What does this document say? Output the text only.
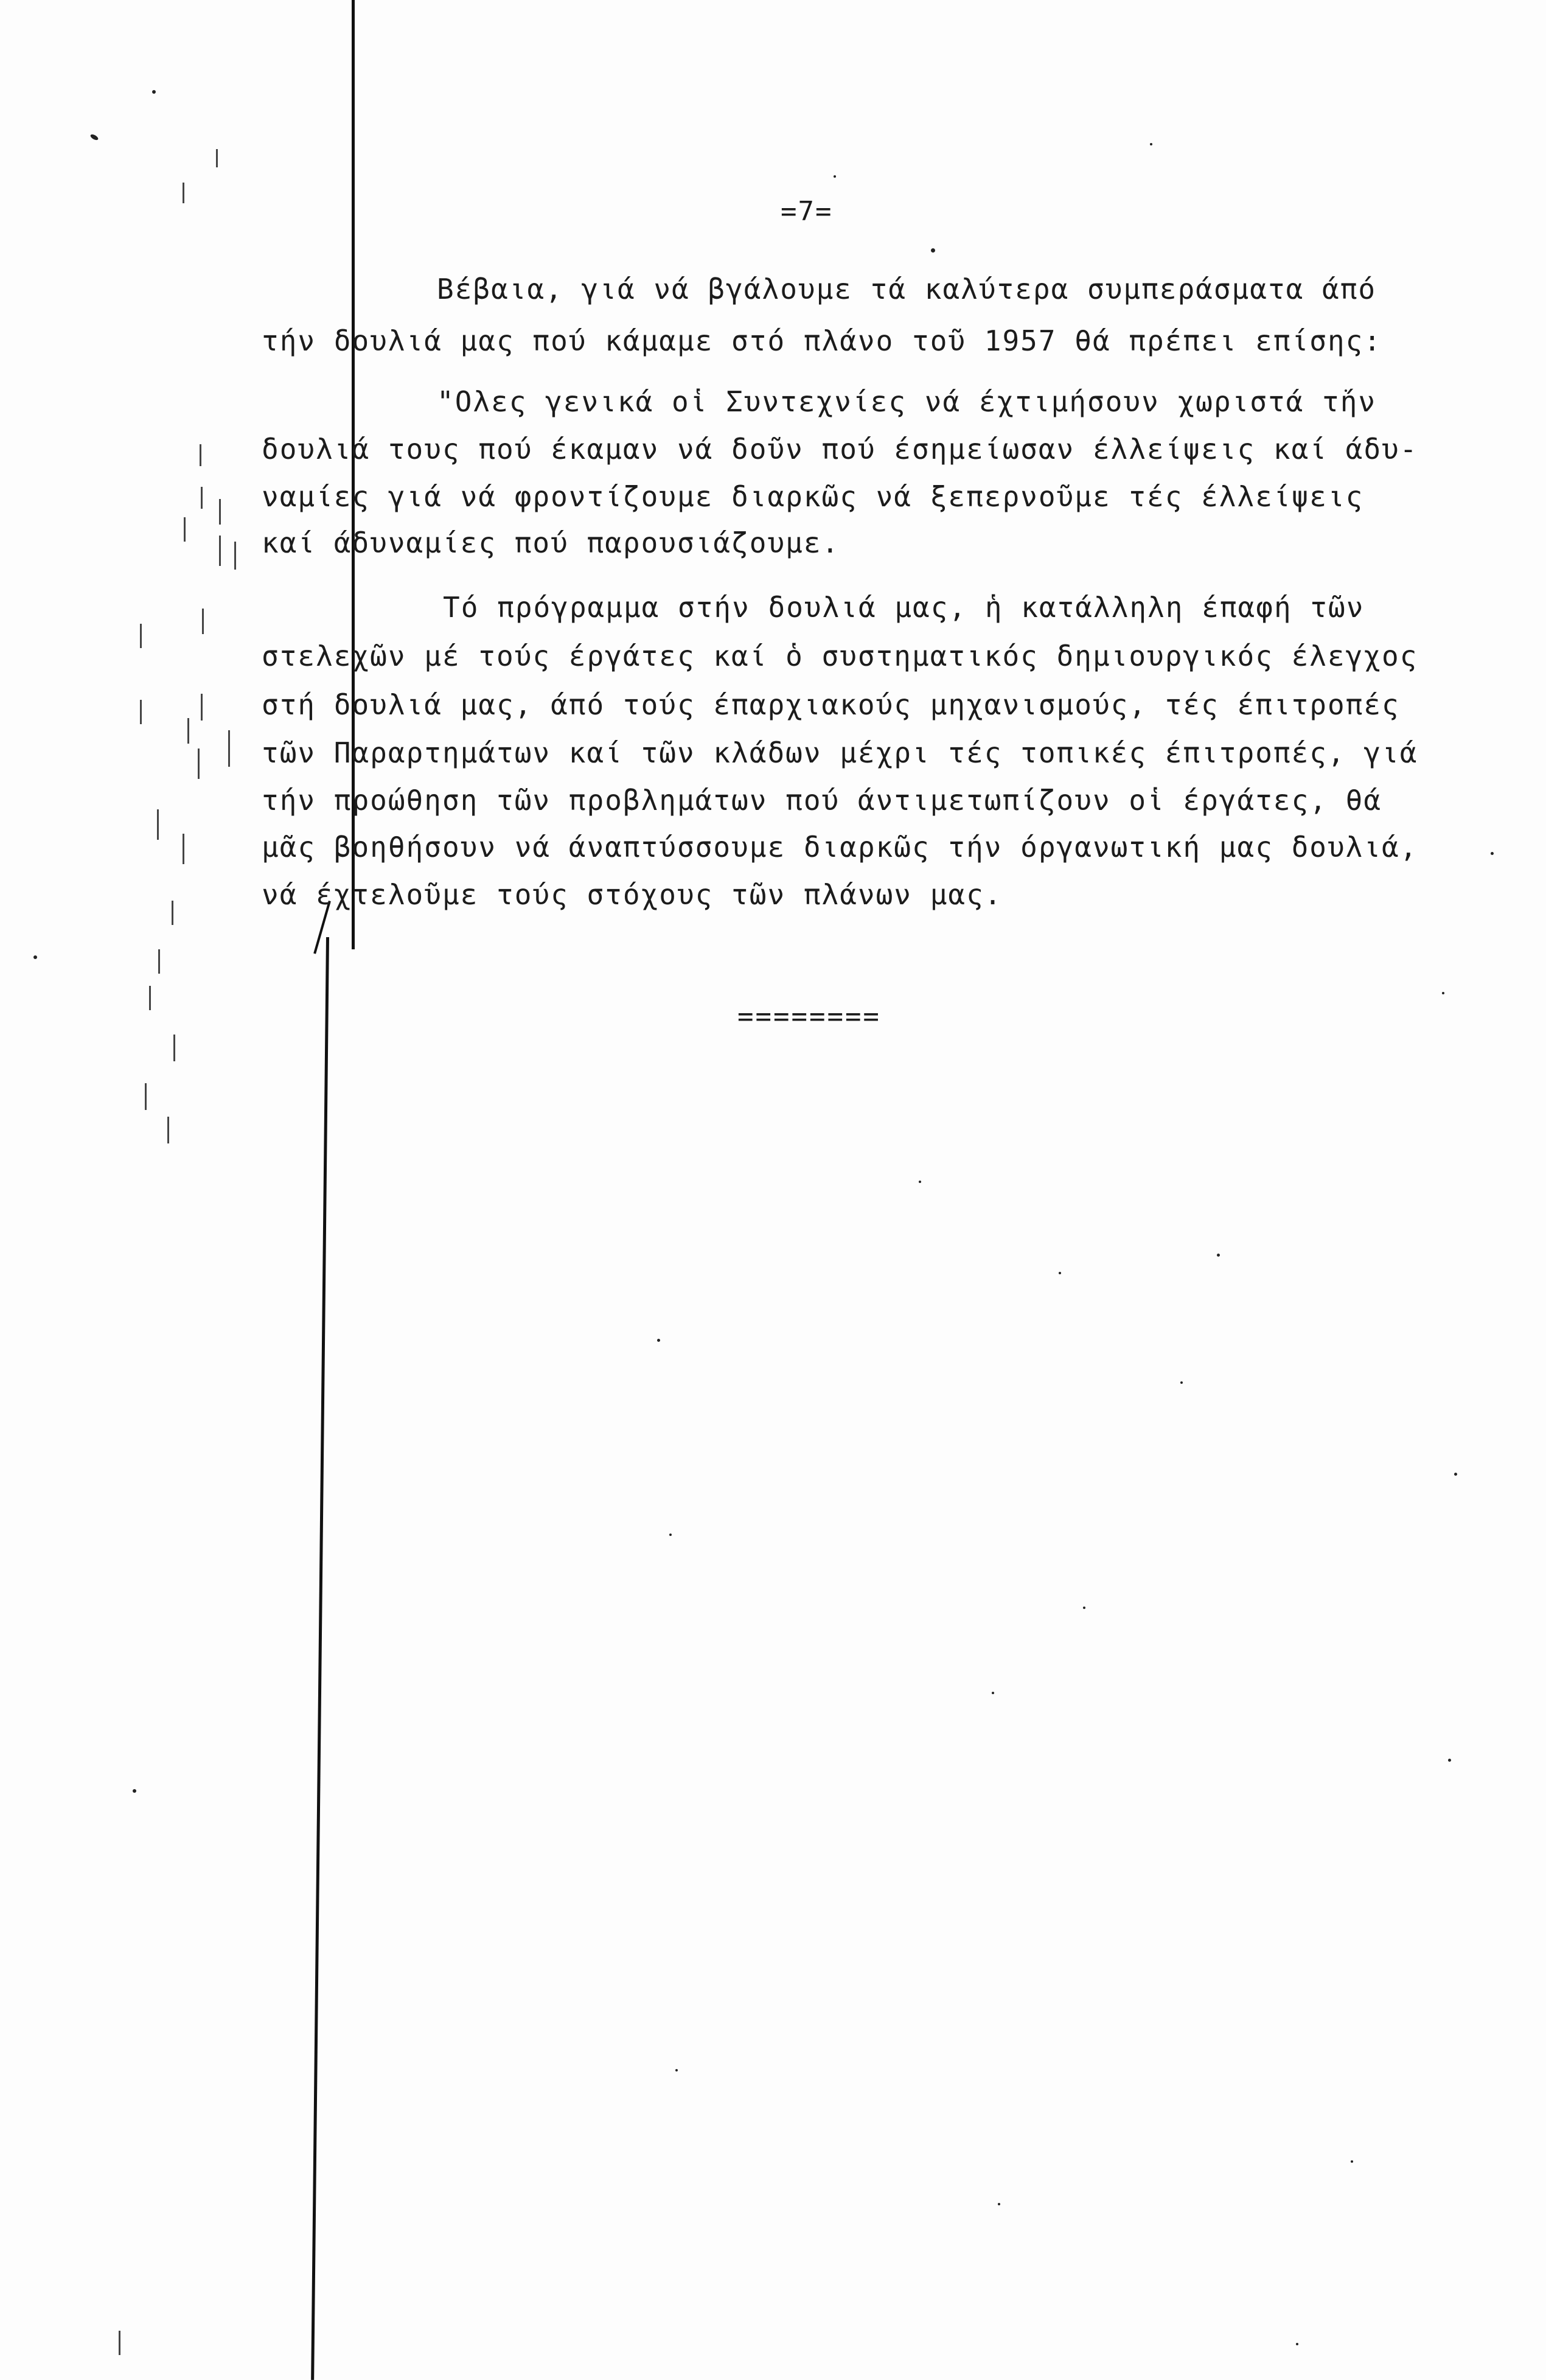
=7=
Βέβαια, γιά νά βγάλουμε τά καλύτερα συμπεράσματα άπό
τήν δουλιά μας πού κάμαμε στό πλάνο τοῦ 1957 θά πρέπει επίσης:
"Ολες γενικά οἱ Συντεχνίες νά έχτιμήσουν χωριστά τήν
δουλιά τους πού έκαμαν νά δοῦν πού έσημείωσαν έλλείψεις καί άδυ-
ναμίες γιά νά φροντίζουμε διαρκῶς νά ξεπερνοῦμε τές έλλείψεις
καί άδυναμίες πού παρουσιάζουμε.
Τό πρόγραμμα στήν δουλιά μας, ἡ κατάλληλη έπαφή τῶν
στελεχῶν μέ τούς έργάτες καί ὁ συστηματικός δημιουργικός έλεγχος
στή δουλιά μας, άπό τούς έπαρχιακούς μηχανισμούς, τές έπιτροπές
τῶν Παραρτημάτων καί τῶν κλάδων μέχρι τές τοπικές έπιτροπές, γιά
τήν προώθηση τῶν προβλημάτων πού άντιμετωπίζουν οἱ έργάτες, θά
μᾶς βοηθήσουν νά άναπτύσσουμε διαρκῶς τήν όργανωτική μας δουλιά,
νά έχτελοῦμε τούς στόχους τῶν πλάνων μας.
========
